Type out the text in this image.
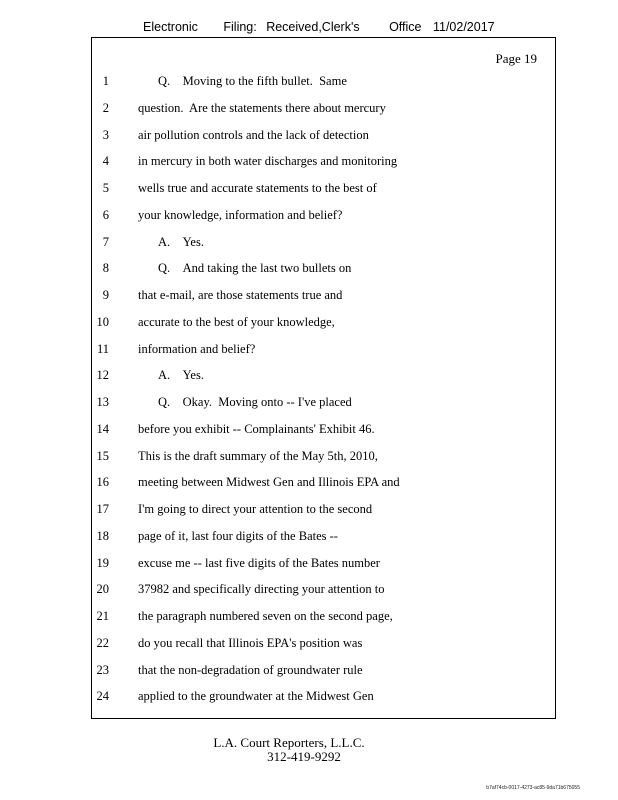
Electronic Filing: Received,Clerk's Office 11/02/2017
Page 19
1	Q.    Moving to the fifth bullet.  Same
2 question.  Are the statements there about mercury
3 air pollution controls and the lack of detection
4 in mercury in both water discharges and monitoring
5 wells true and accurate statements to the best of
6 your knowledge, information and belief?
7	A.    Yes.
8	Q.    And taking the last two bullets on
9 that e-mail, are those statements true and
10 accurate to the best of your knowledge,
11 information and belief?
12	A.    Yes.
13	Q.    Okay.  Moving onto -- I've placed
14 before you exhibit -- Complainants' Exhibit 46.
15 This is the draft summary of the May 5th, 2010,
16 meeting between Midwest Gen and Illinois EPA and
17 I'm going to direct your attention to the second
18 page of it, last four digits of the Bates --
19 excuse me -- last five digits of the Bates number
20 37982 and specifically directing your attention to
21 the paragraph numbered seven on the second page,
22 do you recall that Illinois EPA's position was
23 that the non-degradation of groundwater rule
24 applied to the groundwater at the Midwest Gen
L.A. Court Reporters, L.L.C.
312-419-9292
b7af74cb-0017-4273-ac85-9da71b675055
